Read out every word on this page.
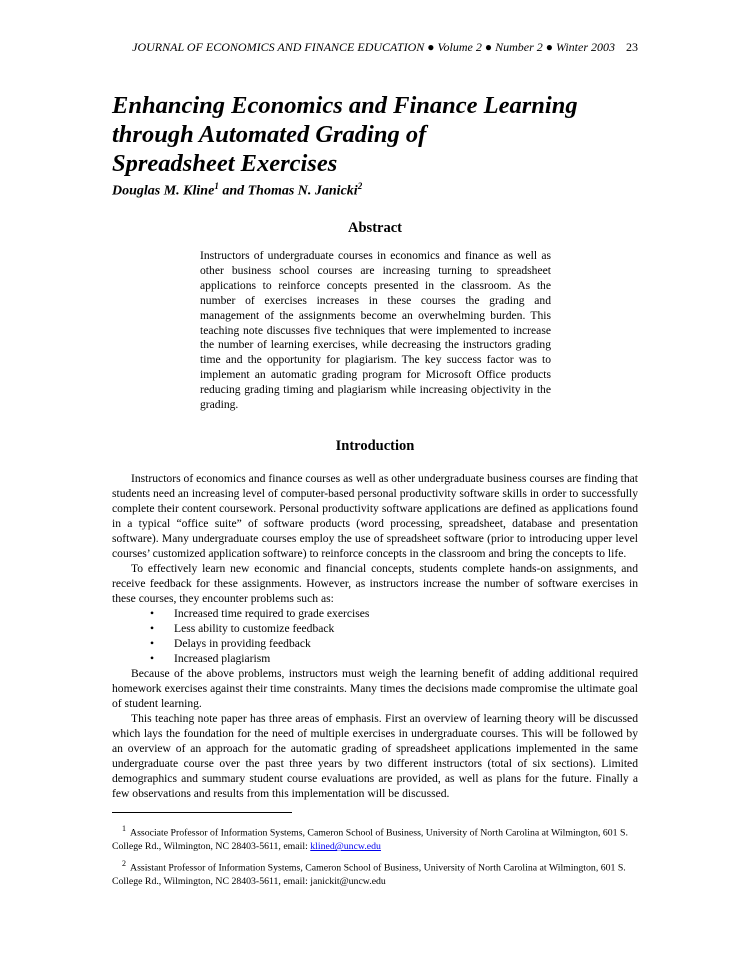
JOURNAL OF ECONOMICS AND FINANCE EDUCATION ● Volume 2 ● Number 2 ● Winter 2003 23
Enhancing Economics and Finance Learning
through Automated Grading of
Spreadsheet Exercises

Douglas M. Kline$^1$ and Thomas N. Janicki$^2$

Abstract

Instructors of undergraduate courses in economics and finance as well as other business school courses are increasing turning to spreadsheet applications to reinforce concepts presented in the classroom. As the number of exercises increases in these courses the grading and management of the assignments become an overwhelming burden. This teaching note discusses five techniques that were implemented to increase the number of learning exercises, while decreasing the instructors grading time and the opportunity for plagiarism. The key success factor was to implement an automatic grading program for Microsoft Office products reducing grading timing and plagiarism while increasing objectivity in the grading.

Introduction

Instructors of economics and finance courses as well as other undergraduate business courses are finding that students need an increasing level of computer-based personal productivity software skills in order to successfully complete their content coursework. Personal productivity software applications are defined as applications found in a typical “office suite” of software products (word processing, spreadsheet, database and presentation software). Many undergraduate courses employ the use of spreadsheet software (prior to introducing upper level courses’ customized application software) to reinforce concepts in the classroom and bring the concepts to life.

To effectively learn new economic and financial concepts, students complete hands-on assignments, and receive feedback for these assignments. However, as instructors increase the number of software exercises in these courses, they encounter problems such as:

• Increased time required to grade exercises
• Less ability to customize feedback
• Delays in providing feedback
• Increased plagiarism

Because of the above problems, instructors must weigh the learning benefit of adding additional required homework exercises against their time constraints. Many times the decisions made compromise the ultimate goal of student learning.

This teaching note paper has three areas of emphasis. First an overview of learning theory will be discussed which lays the foundation for the need of multiple exercises in undergraduate courses. This will be followed by an overview of an approach for the automatic grading of spreadsheet applications implemented in the same undergraduate course over the past three years by two different instructors (total of six sections). Limited demographics and summary student course evaluations are provided, as well as plans for the future. Finally a few observations and results from this implementation will be discussed.

$^1$ Associate Professor of Information Systems, Cameron School of Business, University of North Carolina at Wilmington, 601 S. College Rd., Wilmington, NC 28403-5611, email: klined@uncw.edu

$^2$ Assistant Professor of Information Systems, Cameron School of Business, University of North Carolina at Wilmington, 601 S. College Rd., Wilmington, NC 28403-5611, email: janickit@uncw.edu
